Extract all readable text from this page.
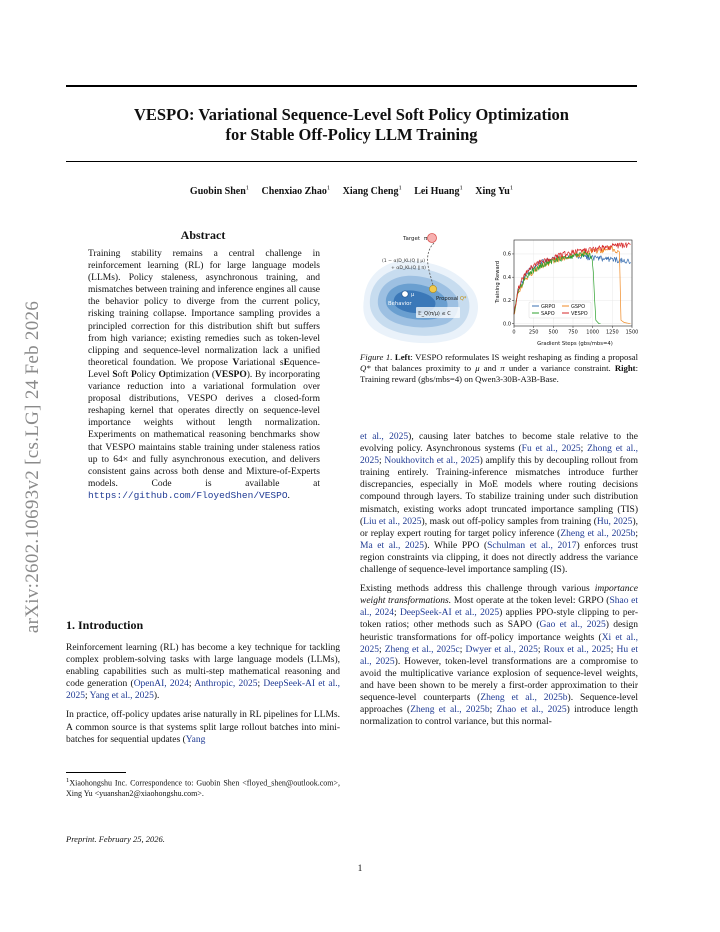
arXiv:2602.10693v2 [cs.LG] 24 Feb 2026
VESPO: Variational Sequence-Level Soft Policy Optimization
for Stable Off-Policy LLM Training
Guobin Shen$^1$ Chenxiao Zhao$^1$ Xiang Cheng$^1$ Lei Huang$^1$ Xing Yu$^1$
Abstract

Training stability remains a central challenge in reinforcement learning (RL) for large language models (LLMs). Policy staleness, asynchronous training, and mismatches between training and inference engines all cause the behavior policy to diverge from the current policy, risking training collapse. Importance sampling provides a principled correction for this distribution shift but suffers from high variance; existing remedies such as token-level clipping and sequence-level normalization lack a unified theoretical foundation. We propose Variational sEquence-Level Soft Policy Optimization (VESPO). By incorporating variance reduction into a variational formulation over proposal distributions, VESPO derives a closed-form reshaping kernel that operates directly on sequence-level importance weights without length normalization. Experiments on mathematical reasoning benchmarks show that VESPO maintains stable training under staleness ratios up to 64× and fully asynchronous execution, and delivers consistent gains across both dense and Mixture-of-Experts models. Code is available at https://github.com/FloyedShen/VESPO.

1. Introduction

Reinforcement learning (RL) has become a key technique for tackling complex problem-solving tasks with large language models (LLMs), enabling capabilities such as multi-step mathematical reasoning and code generation (OpenAI, 2024; Anthropic, 2025; DeepSeek-AI et al., 2025; Yang et al., 2025).

In practice, off-policy updates arise naturally in RL pipelines for LLMs. A common source is that systems split large rollout batches into mini-batches for sequential updates (Yang

$^1$Xiaohongshu Inc. Correspondence to: Guobin Shen <floyed_shen@outlook.com>, Xing Yu <yuanshan2@xiaohongshu.com>.
Preprint. February 25, 2026.
1
Target π
(1 − α)D_KL(Q ∥ μ)
+ αD_KL(Q ∥ π)
Behavior
μ
Proposal Q*
𝔼_Q(π/μ) ≤ C
0.0
0.2
0.4
0.6
0	250 500 750 1000 1250 1500
GRPO	GSPO
SAPO	VESPO
Training Reward
Gradient Steps (gbs/mbs=4)
Figure 1. Left: VESPO reformulates IS weight reshaping as finding a proposal Q* that balances proximity to μ and π under a variance constraint. Right: Training reward (gbs/mbs=4) on Qwen3-30B-A3B-Base.

et al., 2025), causing later batches to become stale relative to the evolving policy. Asynchronous systems (Fu et al., 2025; Zhong et al., 2025; Noukhovitch et al., 2025) amplify this by decoupling rollout from training entirely. Training-inference mismatches introduce further discrepancies, especially in MoE models where routing decisions compound through layers. To stabilize training under such distribution mismatch, existing works adopt truncated importance sampling (TIS) (Liu et al., 2025), mask out off-policy samples from training (Hu, 2025), or replay expert routing for target policy inference (Zheng et al., 2025b; Ma et al., 2025). While PPO (Schulman et al., 2017) enforces trust region constraints via clipping, it does not directly address the variance challenge of sequence-level importance sampling (IS).

Existing methods address this challenge through various importance weight transformations. Most operate at the token level: GRPO (Shao et al., 2024; DeepSeek-AI et al., 2025) applies PPO-style clipping to per-token ratios; other methods such as SAPO (Gao et al., 2025) design heuristic transformations for off-policy importance weights (Xi et al., 2025; Zheng et al., 2025c; Dwyer et al., 2025; Roux et al., 2025; Hu et al., 2025). However, token-level transformations are a compromise to avoid the multiplicative variance explosion of sequence-level weights, and have been shown to be merely a first-order approximation to their sequence-level counterparts (Zheng et al., 2025b). Sequence-level approaches (Zheng et al., 2025b; Zhao et al., 2025) introduce length normalization to control variance, but this normal-
